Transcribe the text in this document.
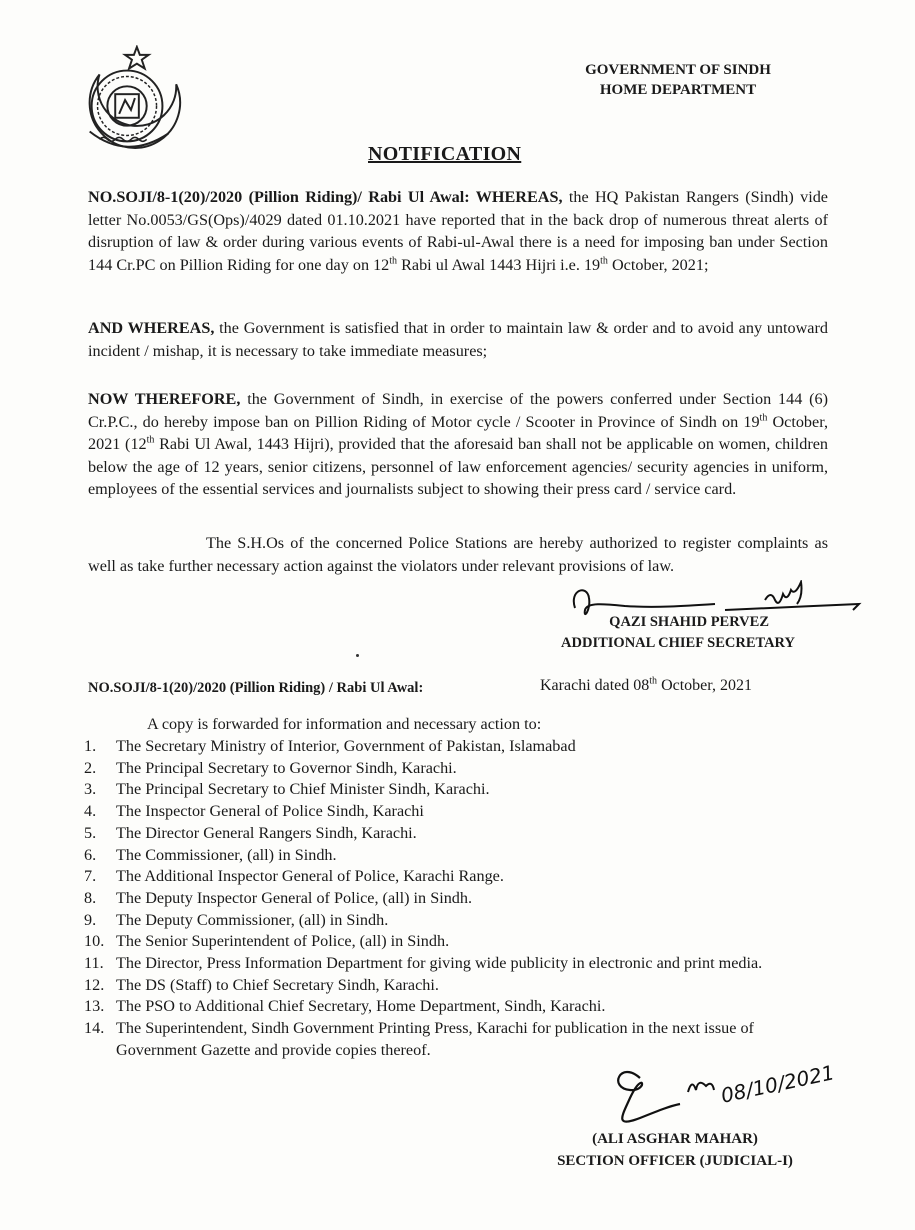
GOVERNMENT OF SINDH
HOME DEPARTMENT
NOTIFICATION
NO.SOJI/8-1(20)/2020 (Pillion Riding)/ Rabi Ul Awal: WHEREAS, the HQ Pakistan Rangers (Sindh) vide letter No.0053/GS(Ops)/4029 dated 01.10.2021 have reported that in the back drop of numerous threat alerts of disruption of law & order during various events of Rabi-ul-Awal there is a need for imposing ban under Section 144 Cr.PC on Pillion Riding for one day on 12th Rabi ul Awal 1443 Hijri i.e. 19th October, 2021;
AND WHEREAS, the Government is satisfied that in order to maintain law & order and to avoid any untoward incident / mishap, it is necessary to take immediate measures;
NOW THEREFORE, the Government of Sindh, in exercise of the powers conferred under Section 144 (6) Cr.P.C., do hereby impose ban on Pillion Riding of Motor cycle / Scooter in Province of Sindh on 19th October, 2021 (12th Rabi Ul Awal, 1443 Hijri), provided that the aforesaid ban shall not be applicable on women, children below the age of 12 years, senior citizens, personnel of law enforcement agencies/ security agencies in uniform, employees of the essential services and journalists subject to showing their press card / service card.
The S.H.Os of the concerned Police Stations are hereby authorized to register complaints as well as take further necessary action against the violators under relevant provisions of law.
QAZI SHAHID PERVEZ
ADDITIONAL CHIEF SECRETARY
NO.SOJI/8-1(20)/2020 (Pillion Riding) / Rabi Ul Awal:	Karachi dated 08th October, 2021
A copy is forwarded for information and necessary action to:
1.	The Secretary Ministry of Interior, Government of Pakistan, Islamabad
2.	The Principal Secretary to Governor Sindh, Karachi.
3.	The Principal Secretary to Chief Minister Sindh, Karachi.
4.	The Inspector General of Police Sindh, Karachi
5.	The Director General Rangers Sindh, Karachi.
6.	The Commissioner, (all) in Sindh.
7.	The Additional Inspector General of Police, Karachi Range.
8.	The Deputy Inspector General of Police, (all) in Sindh.
9.	The Deputy Commissioner, (all) in Sindh.
10. The Senior Superintendent of Police, (all) in Sindh.
11. The Director, Press Information Department for giving wide publicity in electronic and print media.
12. The DS (Staff) to Chief Secretary Sindh, Karachi.
13. The PSO to Additional Chief Secretary, Home Department, Sindh, Karachi.
14. The Superintendent, Sindh Government Printing Press, Karachi for publication in the next issue of Government Gazette and provide copies thereof.
08/10/2021
(ALI ASGHAR MAHAR)
SECTION OFFICER (JUDICIAL-I)
